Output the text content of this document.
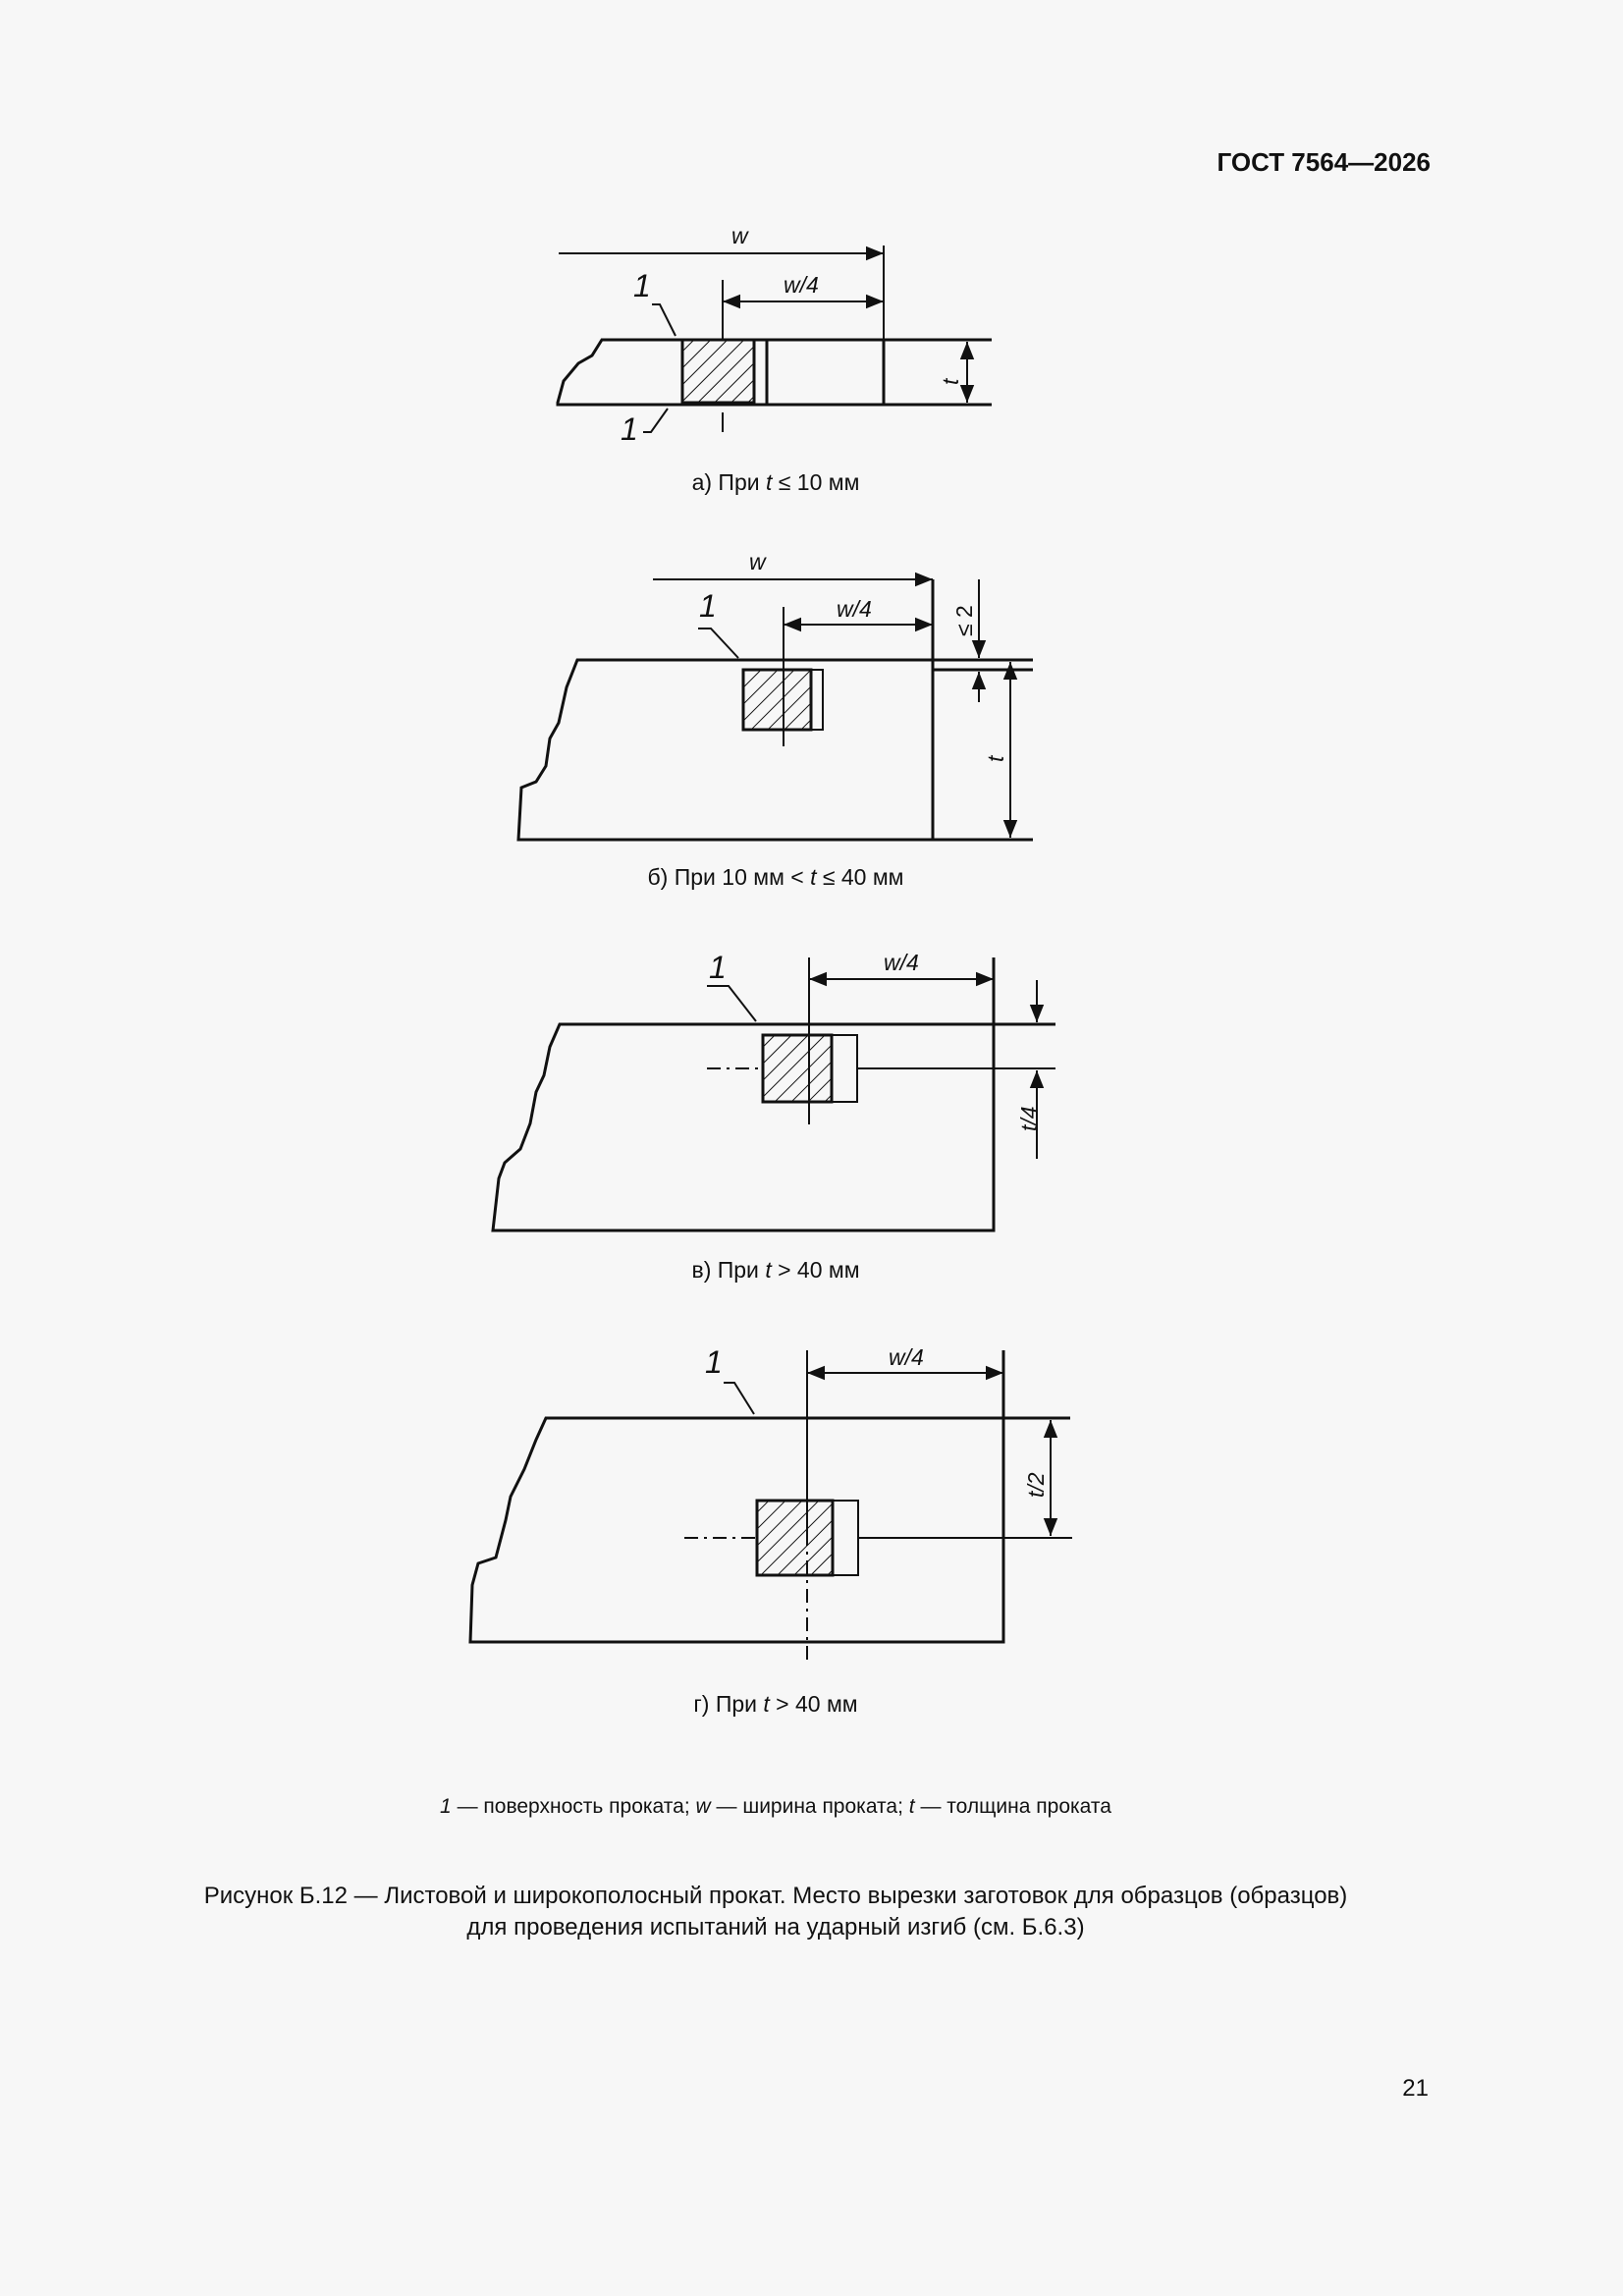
ГОСТ 7564—2026
w
w/4
1
1
t
а) При t ≤ 10 мм
w
w/4
1	≤ 2
t
б) При 10 мм < t ≤ 40 мм
w/4
1
t/4
в) При t > 40 мм
w/4
1
t/2
г) При t > 40 мм
1 — поверхность проката; w — ширина проката; t — толщина проката
Рисунок Б.12 — Листовой и широкополосный прокат. Место вырезки заготовок для образцов (образцов)
для проведения испытаний на ударный изгиб (см. Б.6.3)
21
